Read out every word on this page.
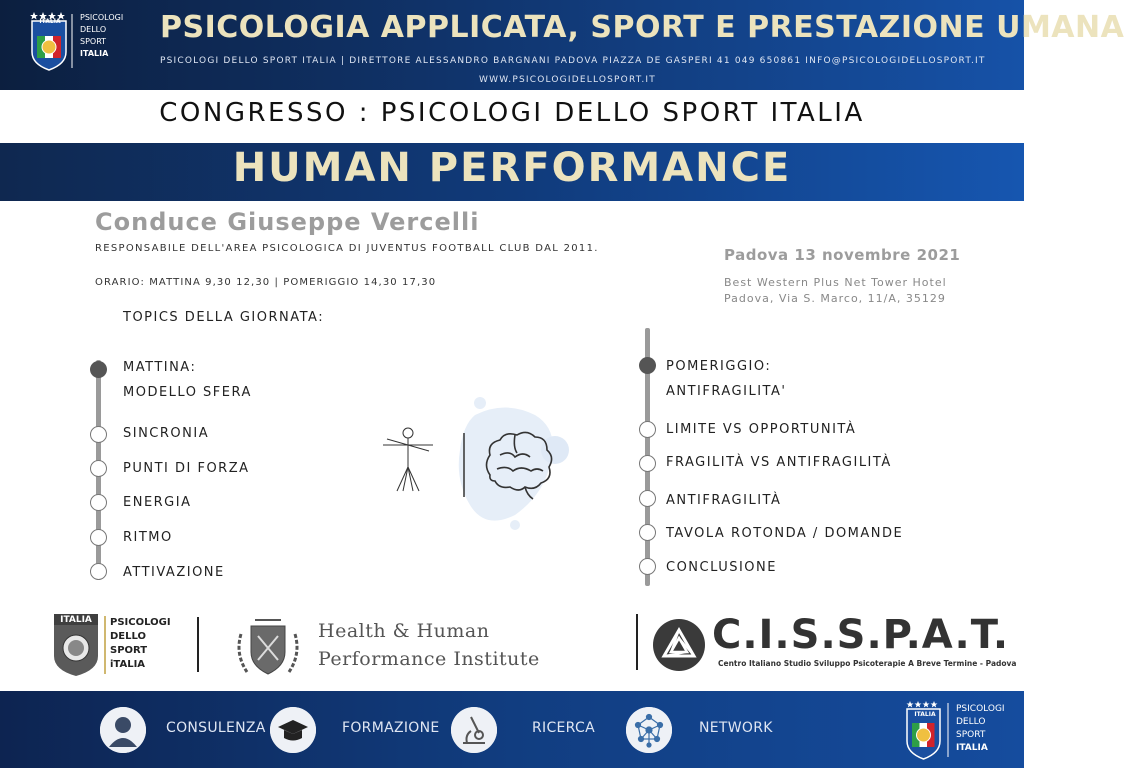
PSICOLOGI
DELLO
SPORT
ITALIA
ITALIA	PSICOLOGIA APPLICATA, SPORT E PRESTAZIONE UMANA
PSICOLOGI DELLO SPORT ITALIA | DIRETTORE ALESSANDRO BARGNANI PADOVA PIAZZA DE GASPERI 41 049 650861 INFO@PSICOLOGIDELLOSPORT.IT
WWW.PSICOLOGIDELLOSPORT.IT
CONGRESSO : PSICOLOGI DELLO SPORT ITALIA
HUMAN PERFORMANCE
Conduce Giuseppe Vercelli
RESPONSABILE DELL'AREA PSICOLOGICA DI JUVENTUS FOOTBALL CLUB DAL 2011.
ORARIO: MATTINA 9,30 12,30 | POMERIGGIO 14,30 17,30
Padova 13 novembre 2021
Best Western Plus Net Tower Hotel
Padova, Via S. Marco, 11/A, 35129
TOPICS DELLA GIORNATA:
MATTINA:
MODELLO SFERA
SINCRONIA
PUNTI DI FORZA
ENERGIA
RITMO
ATTIVAZIONE
POMERIGGIO:
ANTIFRAGILITA'
LIMITE VS OPPORTUNITÀ
FRAGILITÀ VS ANTIFRAGILITÀ
ANTIFRAGILITÀ
TAVOLA ROTONDA / DOMANDE
CONCLUSIONE
ITALIA	PSICOLOGI
DELLO
SPORT
iTALIA
Health & Human
Performance Institute
C.I.S.S.P.A.T.
Centro Italiano Studio Sviluppo Psicoterapie A Breve Termine - Padova
CONSULENZA	FORMAZIONE	RICERCA	NETWORK
ITALIA
PSICOLOGI
DELLO
SPORT
ITALIA
